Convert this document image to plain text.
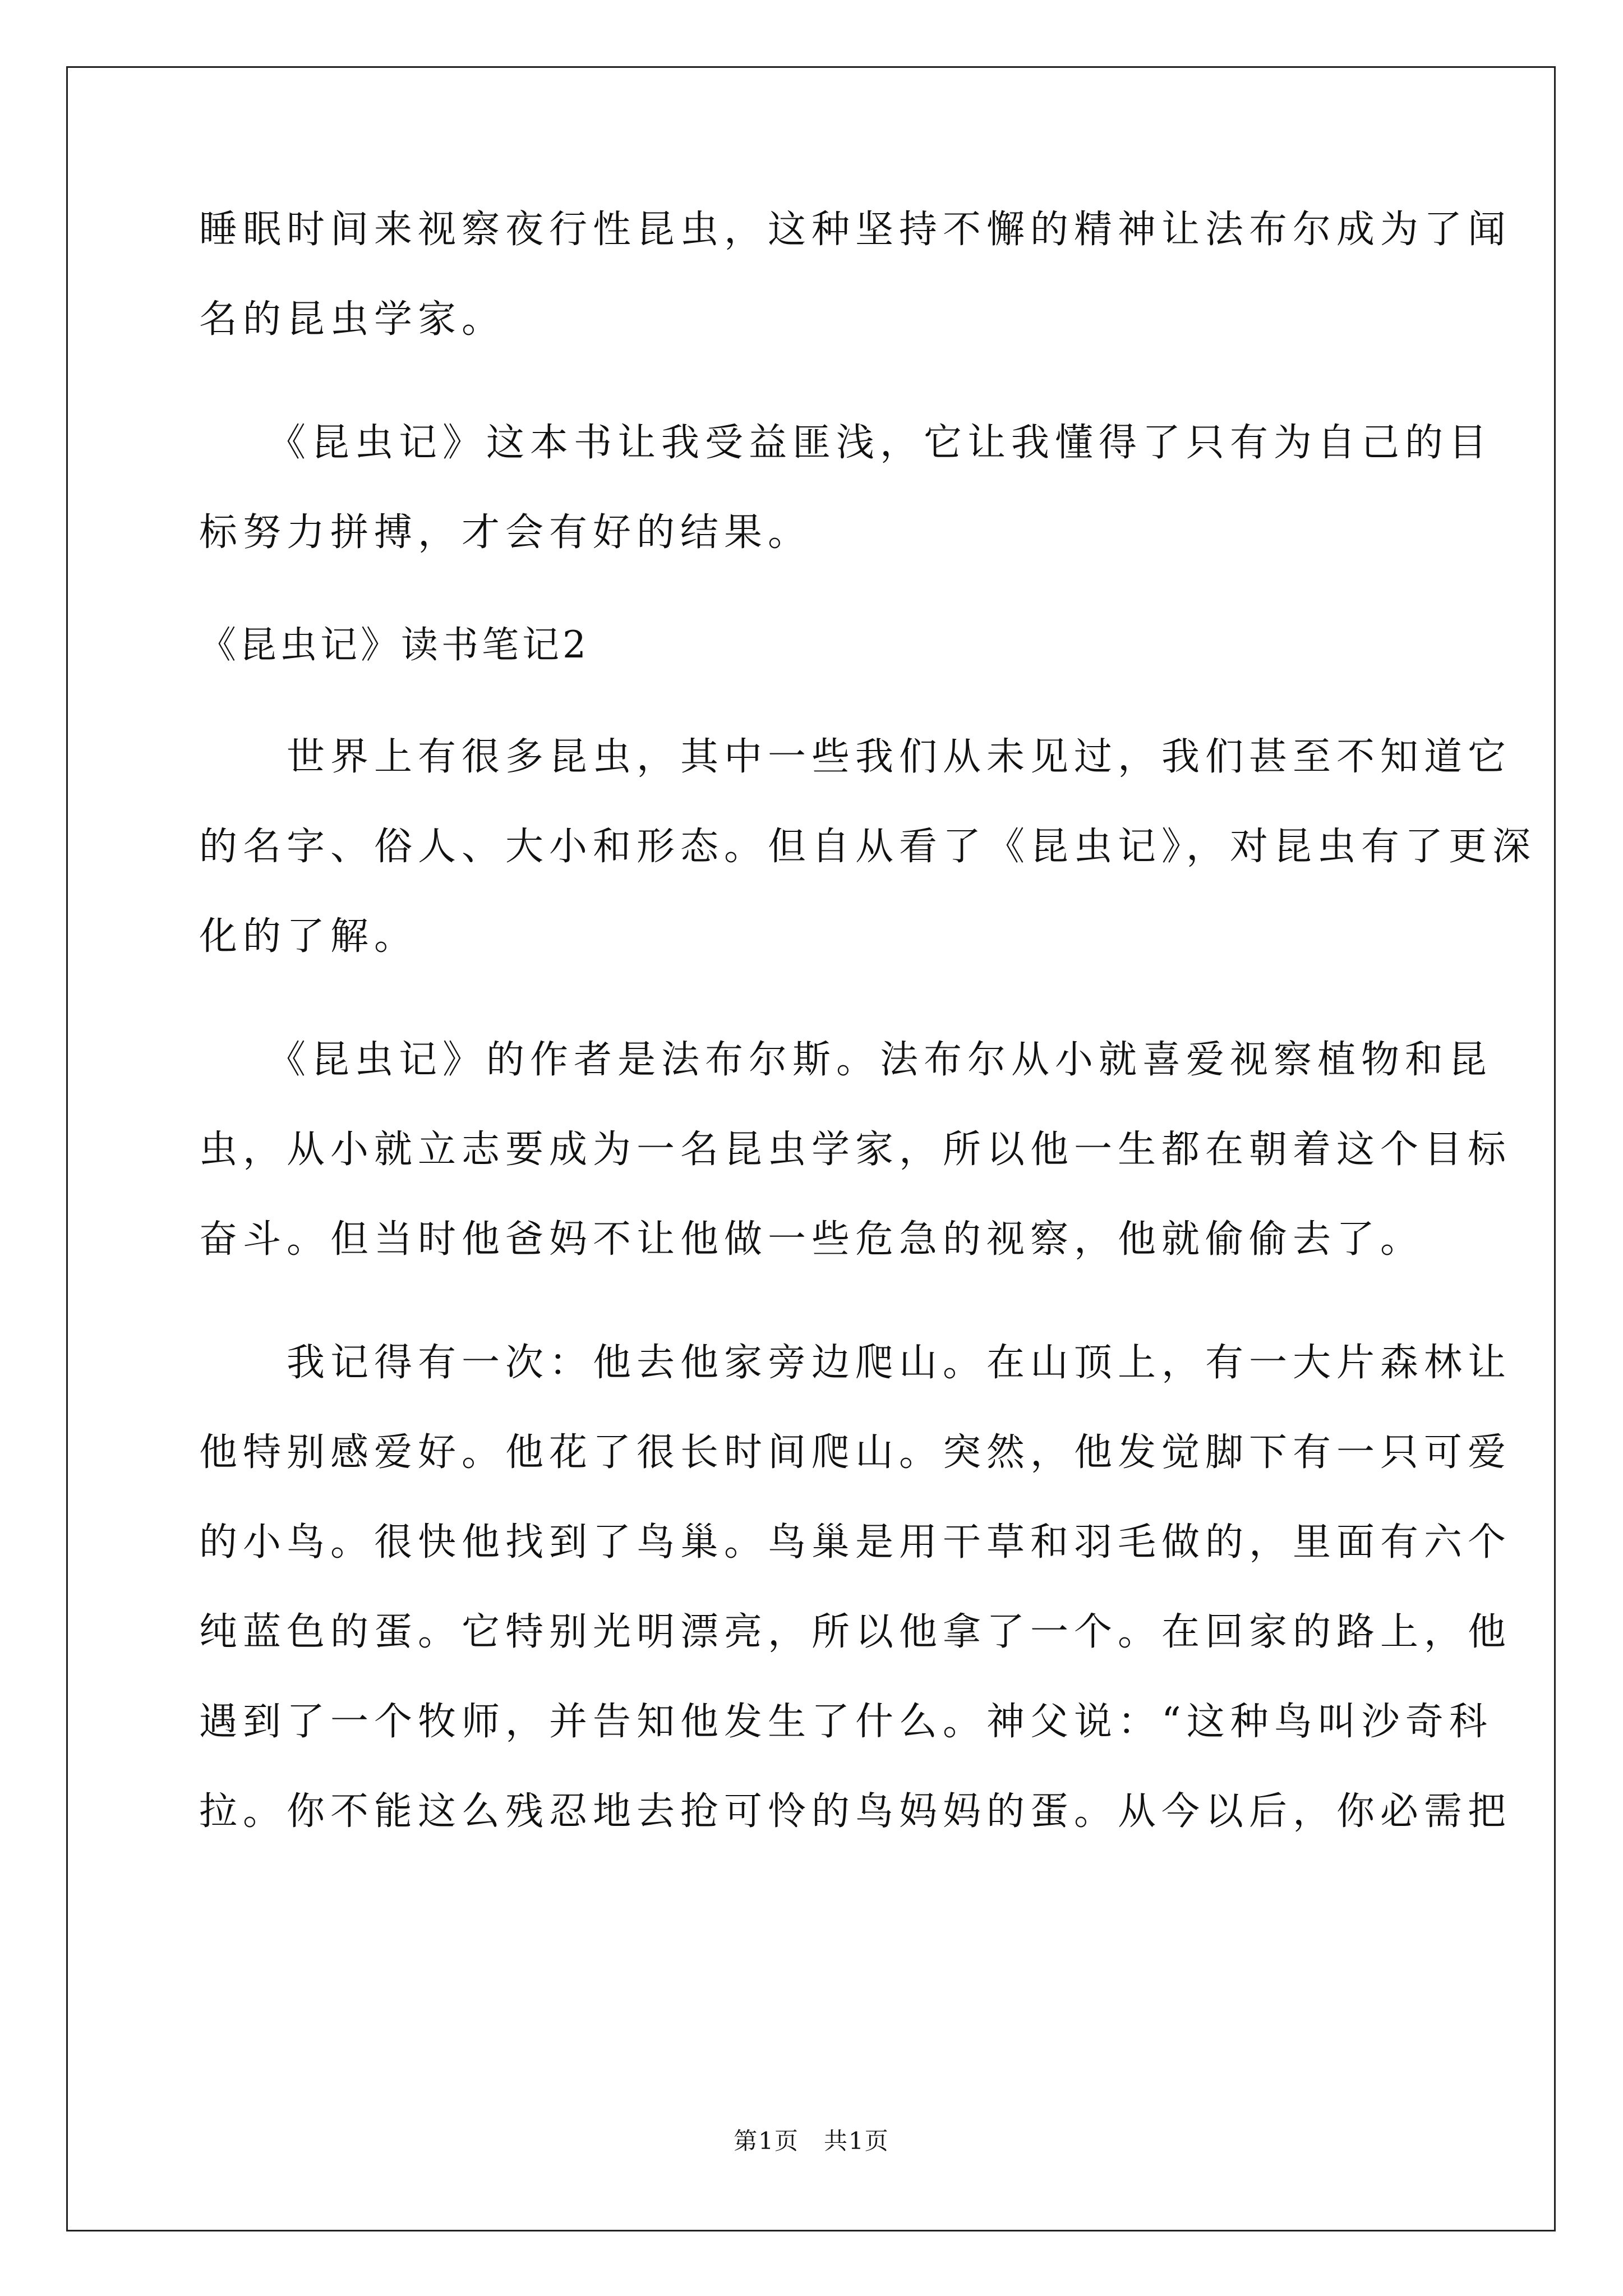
睡眠时间来视察夜行性昆虫，这种坚持不懈的精神让法布尔成为了闻
名的昆虫学家。
　　《昆虫记》这本书让我受益匪浅，它让我懂得了只有为自己的目
标努力拼搏，才会有好的结果。
《昆虫记》读书笔记2
　　世界上有很多昆虫，其中一些我们从未见过，我们甚至不知道它
的名字、俗人、大小和形态。但自从看了《昆虫记》，对昆虫有了更深
化的了解。
　　《昆虫记》的作者是法布尔斯。法布尔从小就喜爱视察植物和昆
虫，从小就立志要成为一名昆虫学家，所以他一生都在朝着这个目标
奋斗。但当时他爸妈不让他做一些危急的视察，他就偷偷去了。
　　我记得有一次：他去他家旁边爬山。在山顶上，有一大片森林让
他特别感爱好。他花了很长时间爬山。突然，他发觉脚下有一只可爱
的小鸟。很快他找到了鸟巢。鸟巢是用干草和羽毛做的，里面有六个
纯蓝色的蛋。它特别光明漂亮，所以他拿了一个。在回家的路上，他
遇到了一个牧师，并告知他发生了什么。神父说：“这种鸟叫沙奇科
拉。你不能这么残忍地去抢可怜的鸟妈妈的蛋。从今以后，你必需把
第1页　共1页
